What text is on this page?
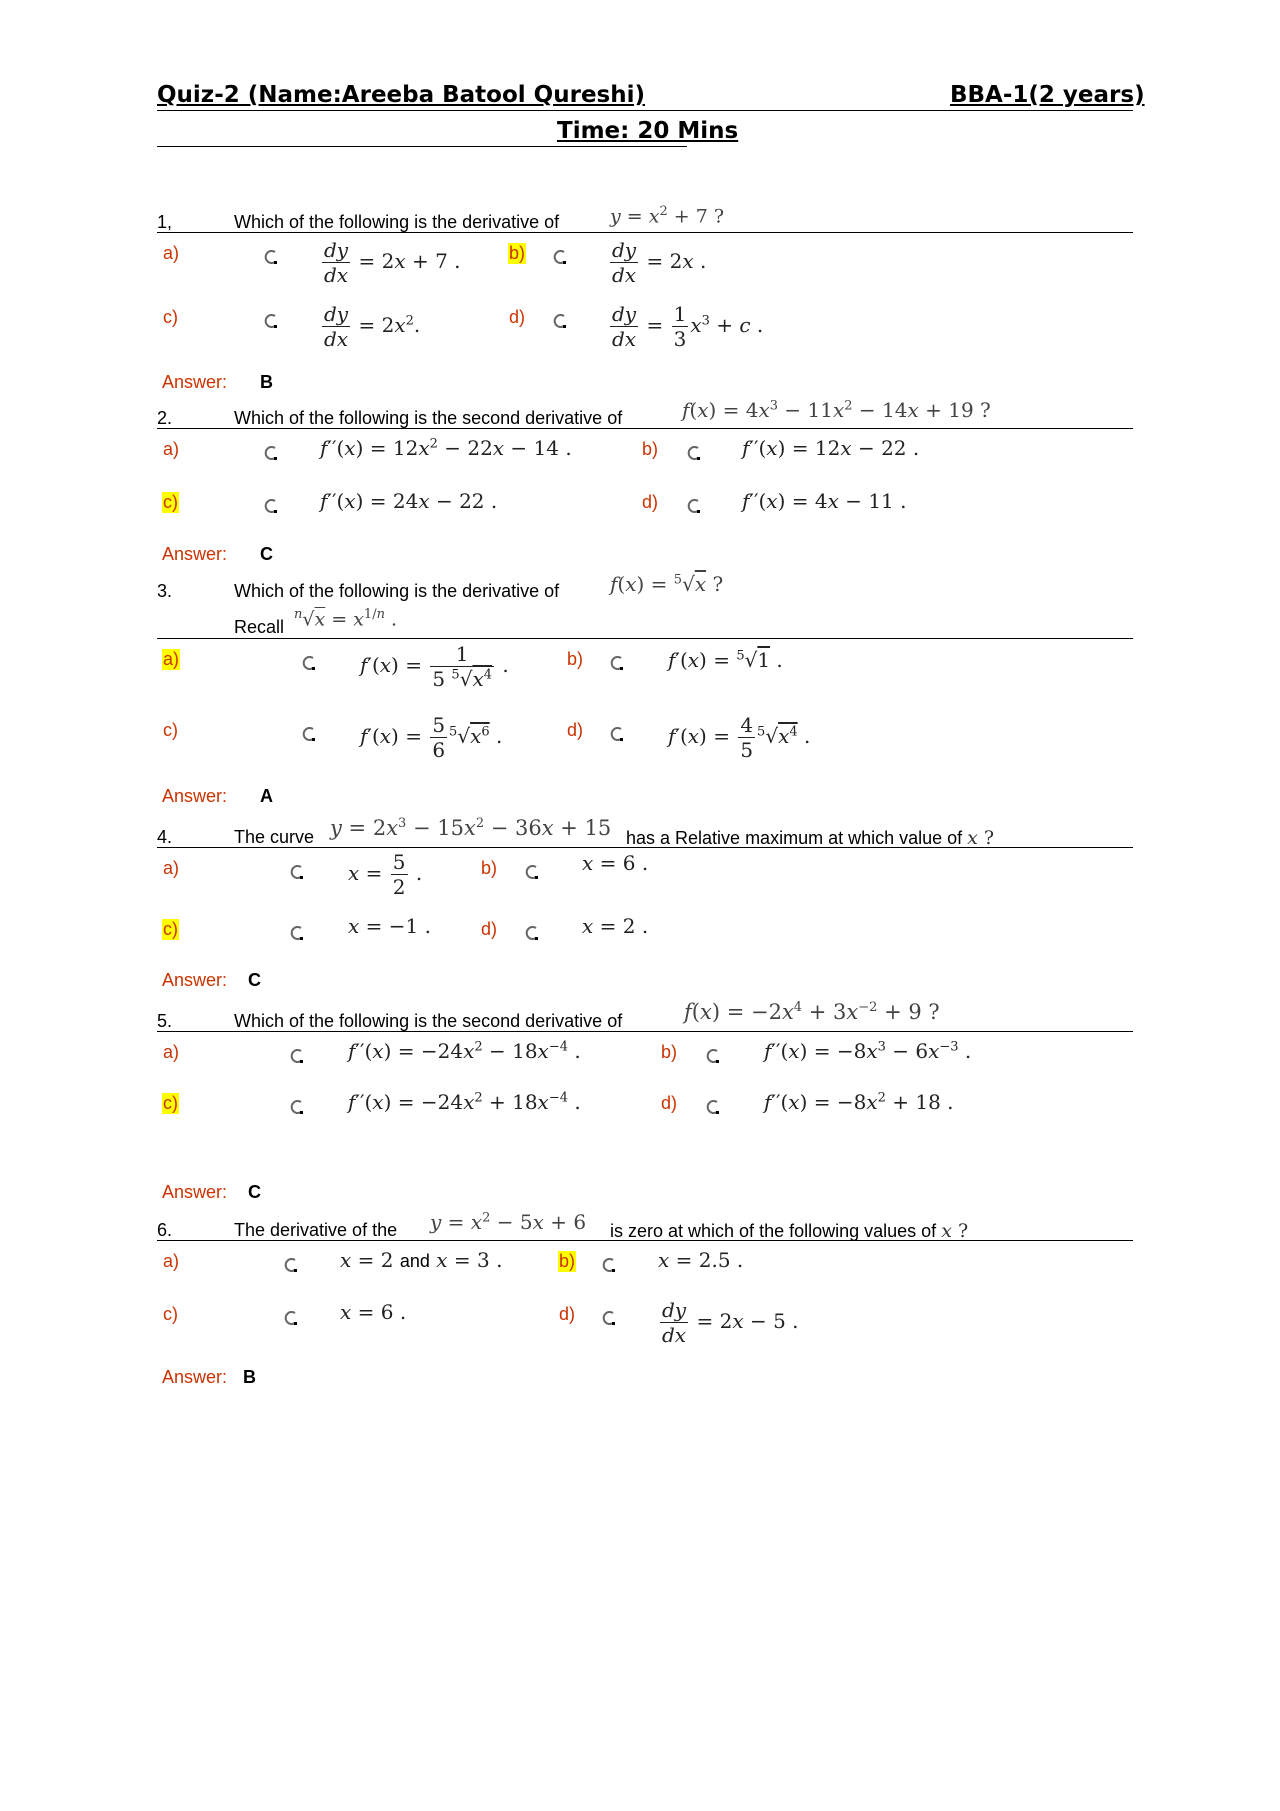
Quiz-2 (Name:Areeba Batool Qureshi)	BBA-1(2 years)
Time: 20 Mins
1,	Which of the following is the derivative of	$y = x^2 + 7$ ?
a)	$\frac{dy}{dx} = 2x + 7$ .	b)	$\frac{dy}{dx} = 2x$ .
c)	$\frac{dy}{dx} = 2x^2$.	d)	$\frac{dy}{dx} = \frac{1}{3} x^3 + c$ .
Answer: B
2.	Which of the following is the second derivative of	$f(x) = 4x^3 - 11x^2 - 14x + 19$ ?
a)	$f''(x) = 12x^2 - 22x - 14$ .	b)	f′′(x) = 12x − 22 .
c)	f′′(x) = 24x − 22 .	d)	f′′(x) = 4x − 11 .
Answer: C
3.	Which of the following is the derivative of	f(x) = $^5$√x ?
Recall
$^n√x = x^{1/n}$ .
a)	$f'(x) = \frac{1}{5 ^5√x^4}$ .	b)	f′(x) = $^5$√1 .
c)	$f'(x) = \frac{5}{6} ^5√x^6$ .	d)	$f'(x) = \frac{4}{5} ^5√x^4$ .
Answer: A
4.	The curve $y = 2x^3 - 15x^2 - 36x + 15$ has a Relative maximum at which value of x ?
a)	$x = \frac{5}{2}$ .	b)	x = 6 .
c)	x = −1 .	d)	x = 2 .
Answer: C
5.	Which of the following is the second derivative of	$f(x) = -2x^4 + 3x^{-2} + 9$ ?
a)	$f''(x) = -24x^2 - 18x^{-4}$ .	b)	$f''(x) = -8x^3 - 6x^{-3}$ .
c)	$f''(x) = -24x^2 + 18x^{-4}$ .	d)	$f''(x) = -8x^2 + 18$ .
Answer: C
6.	The derivative of the $y = x^2 - 5x + 6$ is zero at which of the following values of x ?
a)	x = 2 and x = 3 .	b)	x = 2.5 .
c)	x = 6 .	d)	$\frac{dy}{dx} = 2x - 5$ .
Answer: B
